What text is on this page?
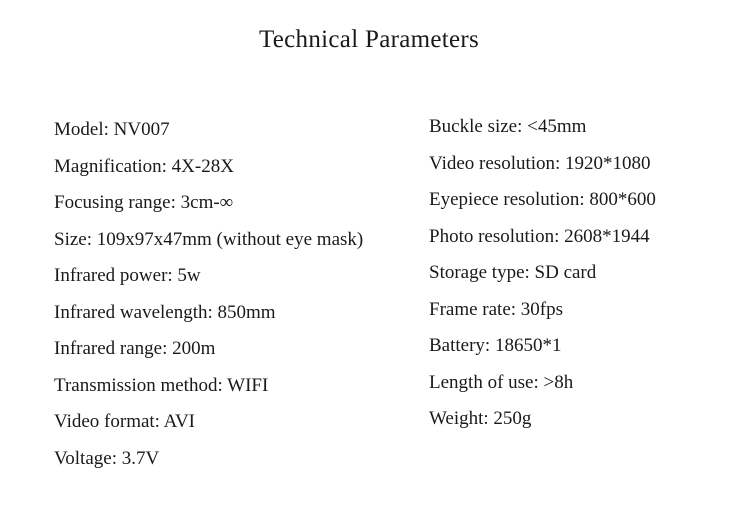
Technical Parameters
Model: NV007
Magnification: 4X-28X
Focusing range: 3cm-∞
Size: 109x97x47mm (without eye mask)
Infrared power: 5w
Infrared wavelength: 850mm
Infrared range: 200m
Transmission method: WIFI
Video format: AVI
Voltage: 3.7V
Buckle size: <45mm
Video resolution: 1920*1080
Eyepiece resolution: 800*600
Photo resolution: 2608*1944
Storage type: SD card
Frame rate: 30fps
Battery: 18650*1
Length of use: >8h
Weight: 250g
